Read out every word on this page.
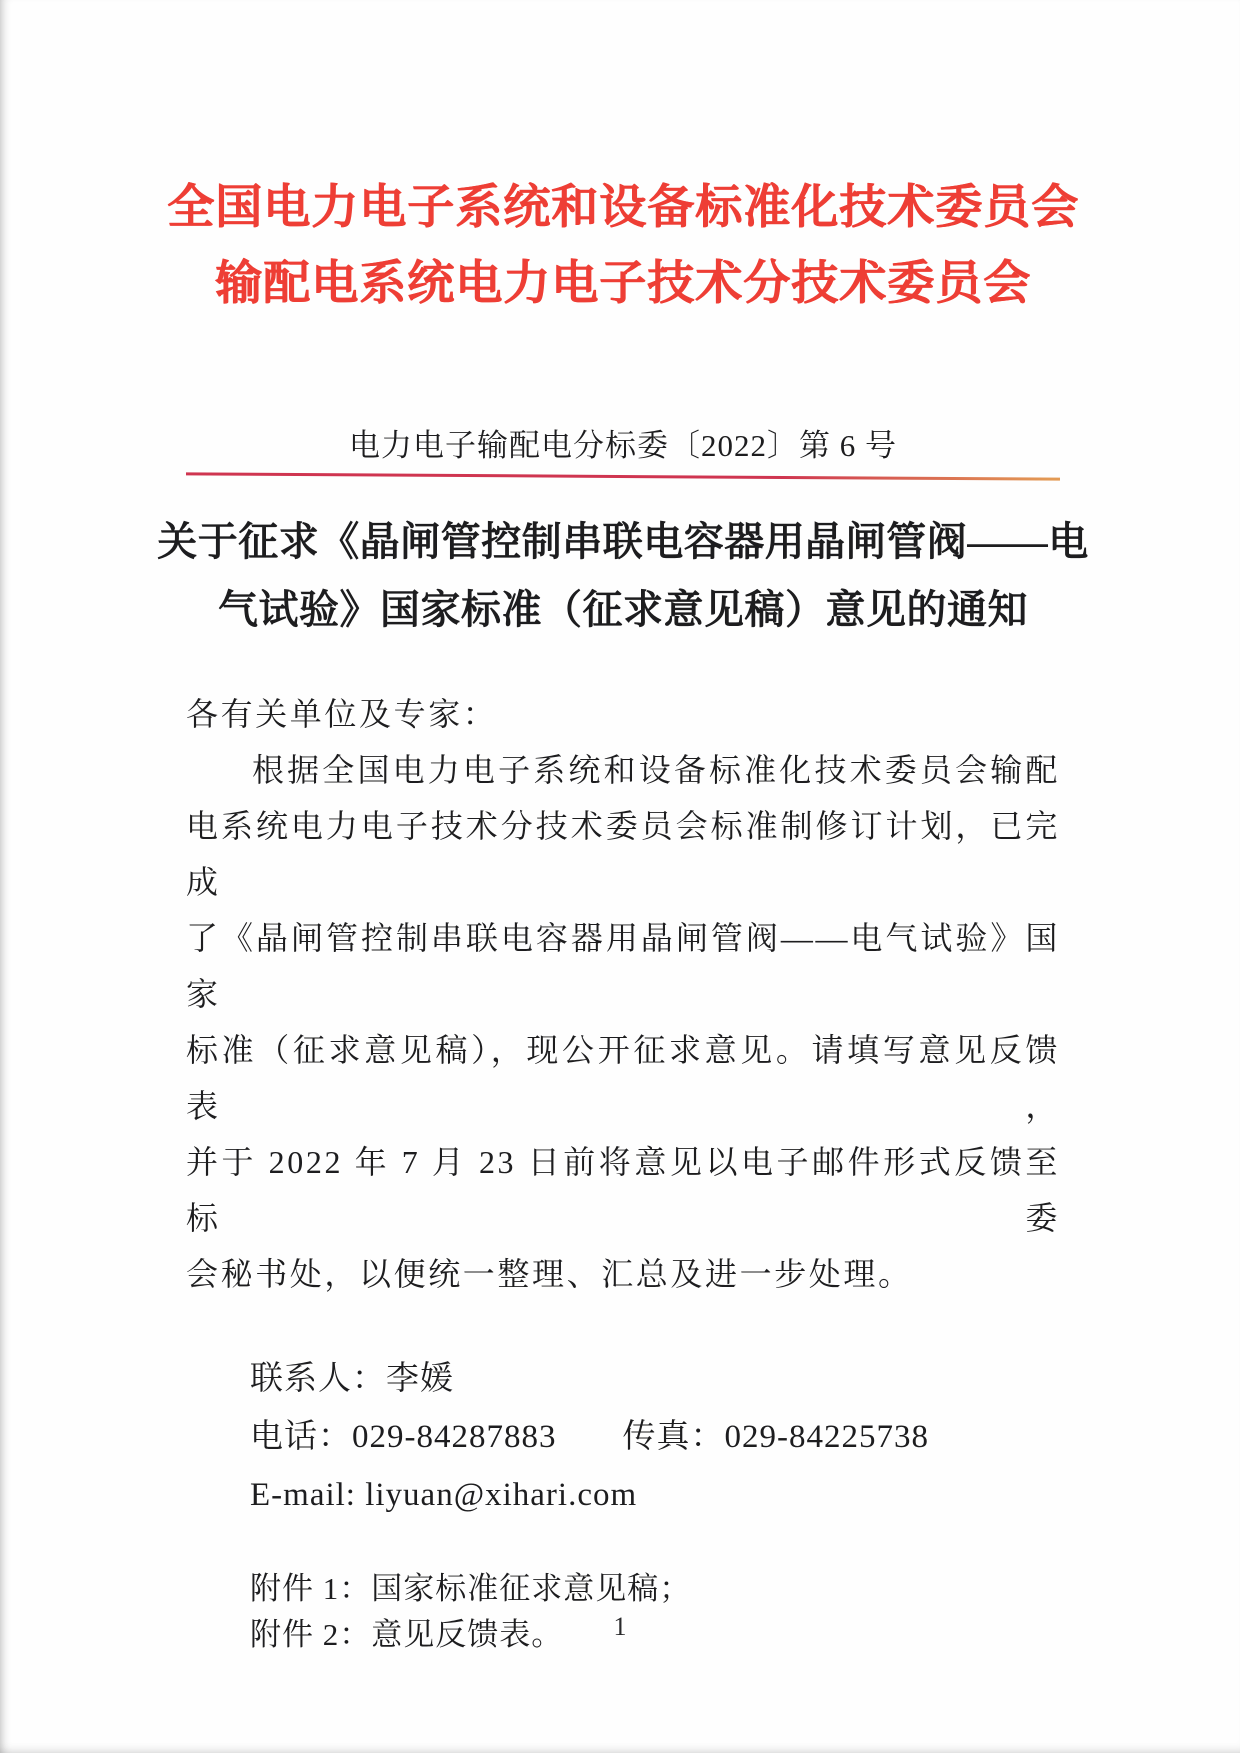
全国电力电子系统和设备标准化技术委员会
输配电系统电力电子技术分技术委员会
电力电子输配电分标委〔2022〕第 6 号
关于征求《晶闸管控制串联电容器用晶闸管阀——电
气试验》国家标准（征求意见稿）意见的通知
各有关单位及专家：
根据全国电力电子系统和设备标准化技术委员会输配
电系统电力电子技术分技术委员会标准制修订计划，已完成
了《晶闸管控制串联电容器用晶闸管阀——电气试验》国家
标准（征求意见稿），现公开征求意见。请填写意见反馈表，
并于 2022 年 7 月 23 日前将意见以电子邮件形式反馈至标委
会秘书处，以便统一整理、汇总及进一步处理。
联系人：李媛
电话：029-84287883 传真：029-84225738
E-mail: liyuan@xihari.com
附件 1：国家标准征求意见稿；
附件 2：意见反馈表。	1
